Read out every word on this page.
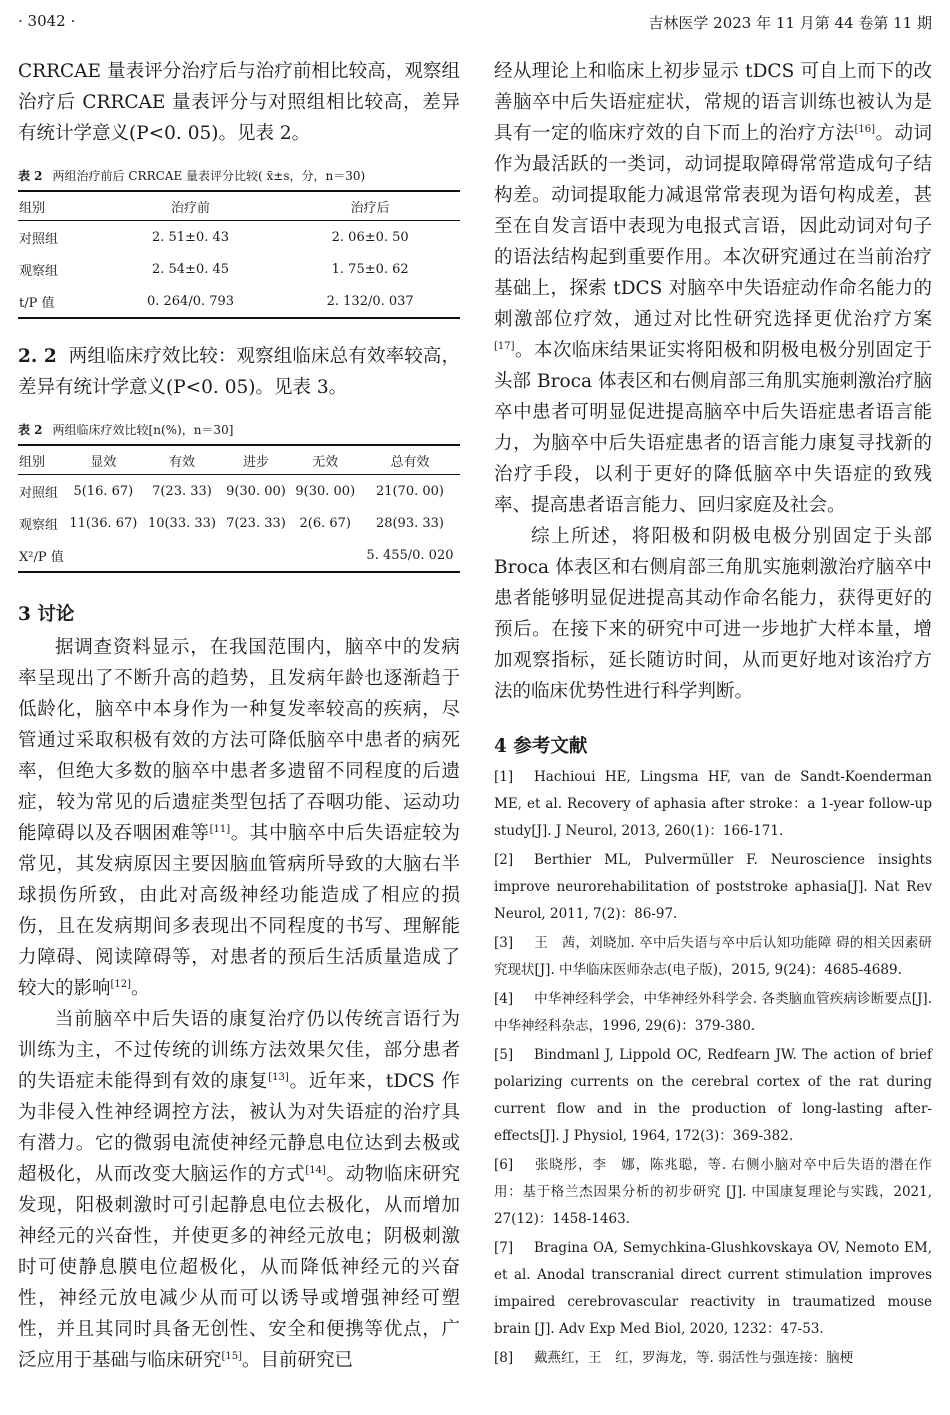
· 3042 ·	吉林医学 2023 年 11 月第 44 卷第 11 期

CRRCAE 量表评分治疗后与治疗前相比较高，观察组治疗后 CRRCAE 量表评分与对照组相比较高，差异有统计学意义(P<0. 05)。见表 2。

表 2 两组治疗前后 CRRCAE 量表评分比较( x̄±s，分，n＝30)
组别	治疗前	治疗后
对照组	2. 51±0. 43	2. 06±0. 50
观察组	2. 54±0. 45	1. 75±0. 62
t/P 值	0. 264/0. 793	2. 132/0. 037
2. 2 两组临床疗效比较：观察组临床总有效率较高，差异有统计学意义(P<0. 05)。见表 3。
表 2 两组临床疗效比较[n(%)，n＝30]
组别	显效	有效	进步	无效	总有效
对照组	5(16. 67)	7(23. 33)	9(30. 00)	9(30. 00)	21(70. 00)
观察组	11(36. 67)	10(33. 33)	7(23. 33)	2(6. 67)	28(93. 33)
X²/P 值					5. 455/0. 020
3 讨论

据调查资料显示，在我国范围内，脑卒中的发病率呈现出了不断升高的趋势，且发病年龄也逐渐趋于低龄化，脑卒中本身作为一种复发率较高的疾病，尽管通过采取积极有效的方法可降低脑卒中患者的病死率，但绝大多数的脑卒中患者多遗留不同程度的后遗症，较为常见的后遗症类型包括了吞咽功能、运动功能障碍以及吞咽困难等[11]。其中脑卒中后失语症较为常见，其发病原因主要因脑血管病所导致的大脑右半球损伤所致，由此对高级神经功能造成了相应的损伤，且在发病期间多表现出不同程度的书写、理解能力障碍、阅读障碍等，对患者的预后生活质量造成了较大的影响[12]。

当前脑卒中后失语的康复治疗仍以传统言语行为训练为主，不过传统的训练方法效果欠佳，部分患者的失语症未能得到有效的康复[13]。近年来，tDCS 作为非侵入性神经调控方法，被认为对失语症的治疗具有潜力。它的微弱电流使神经元静息电位达到去极或超极化，从而改变大脑运作的方式[14]。动物临床研究发现，阳极刺激时可引起静息电位去极化，从而增加神经元的兴奋性，并使更多的神经元放电；阴极刺激时可使静息膜电位超极化，从而降低神经元的兴奋性，神经元放电减少从而可以诱导或增强神经可塑性，并且其同时具备无创性、安全和便携等优点，广泛应用于基础与临床研究[15]。目前研究已

经从理论上和临床上初步显示 tDCS 可自上而下的改善脑卒中后失语症症状，常规的语言训练也被认为是具有一定的临床疗效的自下而上的治疗方法[16]。动词作为最活跃的一类词，动词提取障碍常常造成句子结构差。动词提取能力减退常常表现为语句构成差，甚至在自发言语中表现为电报式言语，因此动词对句子的语法结构起到重要作用。本次研究通过在当前治疗基础上，探索 tDCS 对脑卒中失语症动作命名能力的刺激部位疗效，通过对比性研究选择更优治疗方案[17]。本次临床结果证实将阳极和阴极电极分别固定于头部 Broca 体表区和右侧肩部三角肌实施刺激治疗脑卒中患者可明显促进提高脑卒中后失语症患者语言能力，为脑卒中后失语症患者的语言能力康复寻找新的治疗手段，以利于更好的降低脑卒中失语症的致残率、提高患者语言能力、回归家庭及社会。

综上所述，将阳极和阴极电极分别固定于头部 Broca 体表区和右侧肩部三角肌实施刺激治疗脑卒中患者能够明显促进提高其动作命名能力，获得更好的预后。在接下来的研究中可进一步地扩大样本量，增加观察指标，延长随访时间，从而更好地对该治疗方法的临床优势性进行科学判断。

4 参考文献
[1] Hachioui HE, Lingsma HF, van de Sandt-Koenderman ME, et al. Recovery of aphasia after stroke：a 1-year follow-up study[J]. J Neurol, 2013, 260(1)：166-171.
[2] Berthier ML, Pulvermüller F. Neuroscience insights improve neurorehabilitation of poststroke aphasia[J]. Nat Rev Neurol, 2011, 7(2)：86-97.
[3] 王　茜，刘晓加. 卒中后失语与卒中后认知功能障 碍的相关因素研究现状[J]. 中华临床医师杂志(电子版)，2015, 9(24)：4685-4689.
[4] 中华神经科学会，中华神经外科学会. 各类脑血管疾病诊断要点[J]. 中华神经科杂志，1996, 29(6)：379-380.
[5] Bindmanl J, Lippold OC, Redfearn JW. The action of brief polarizing currents on the cerebral cortex of the rat during current flow and in the production of long-lasting after-effects[J]. J Physiol, 1964, 172(3)：369-382.
[6] 张晓彤，李　娜，陈兆聪，等. 右侧小脑对卒中后失语的潜在作用：基于格兰杰因果分析的初步研究 [J]. 中国康复理论与实践，2021, 27(12)：1458-1463.
[7] Bragina OA, Semychkina-Glushkovskaya OV, Nemoto EM, et al. Anodal transcranial direct current stimulation improves impaired cerebrovascular reactivity in traumatized mouse brain [J]. Adv Exp Med Biol, 2020, 1232：47-53.
[8] 戴燕红，王　红，罗海龙，等. 弱活性与强连接：脑梗
